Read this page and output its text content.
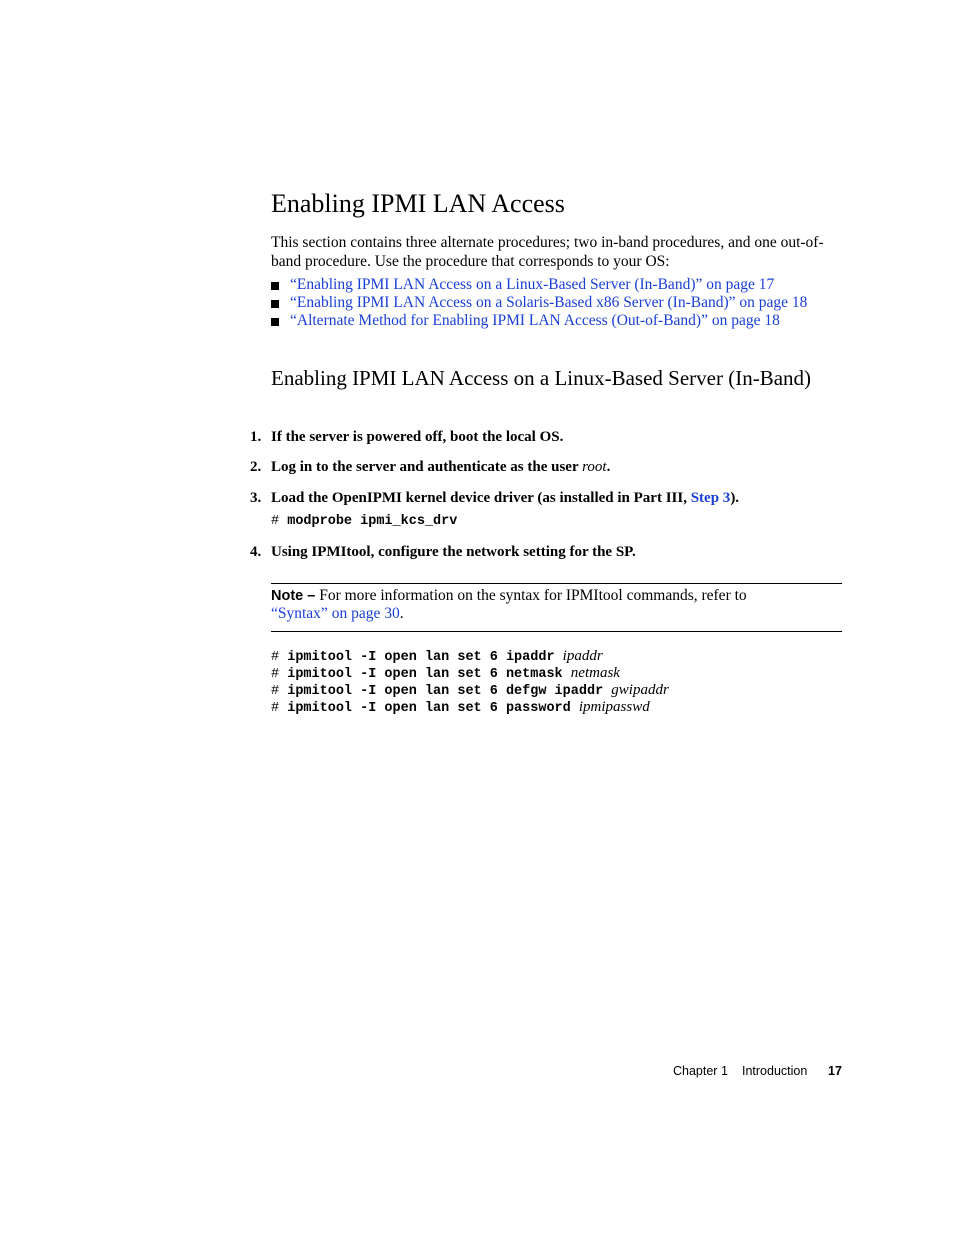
Enabling IPMI LAN Access

This section contains three alternate procedures; two in-band procedures, and one out-of-band procedure. Use the procedure that corresponds to your OS:

“Enabling IPMI LAN Access on a Linux-Based Server (In-Band)” on page 17
“Enabling IPMI LAN Access on a Solaris-Based x86 Server (In-Band)” on page 18
“Alternate Method for Enabling IPMI LAN Access (Out-of-Band)” on page 18
Enabling IPMI LAN Access on a Linux-Based Server (In-Band)
1. If the server is powered off, boot the local OS.
2. Log in to the server and authenticate as the user root.
3. Load the OpenIPMI kernel device driver (as installed in Part III, Step 3).
# modprobe ipmi_kcs_drv
4. Using IPMItool, configure the network setting for the SP.
Note – For more information on the syntax for IPMItool commands, refer to
“Syntax” on page 30.
# ipmitool -I open lan set 6 ipaddr ipaddr
# ipmitool -I open lan set 6 netmask netmask
# ipmitool -I open lan set 6 defgw ipaddr gwipaddr
# ipmitool -I open lan set 6 password ipmipasswd
Chapter 1 Introduction 17
